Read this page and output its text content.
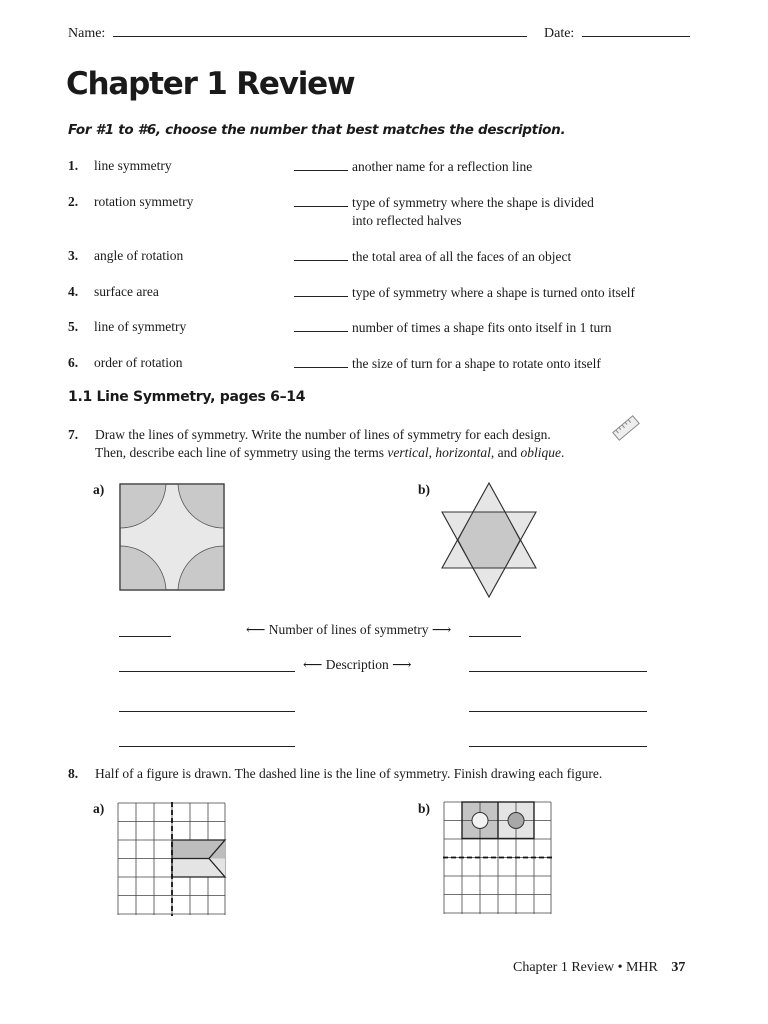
Name:	Date:
Chapter 1 Review
For #1 to #6, choose the number that best matches the description.
1. line symmetry	another name for a reflection line
2. rotation symmetry	type of symmetry where the shape is divided
into reflected halves
3. angle of rotation	the total area of all the faces of an object
4. surface area	type of symmetry where a shape is turned onto itself
5. line of symmetry	number of times a shape fits onto itself in 1 turn
6. order of rotation	the size of turn for a shape to rotate onto itself
1.1 Line Symmetry, pages 6–14
7. Draw the lines of symmetry. Write the number of lines of symmetry for each design.
Then, describe each line of symmetry using the terms vertical, horizontal, and oblique.
a)	b)
⟵ Number of lines of symmetry ⟶
⟵ Description ⟶
8. Half of a figure is drawn. The dashed line is the line of symmetry. Finish drawing each figure.
a)	b)
Chapter 1 Review • MHR 37
